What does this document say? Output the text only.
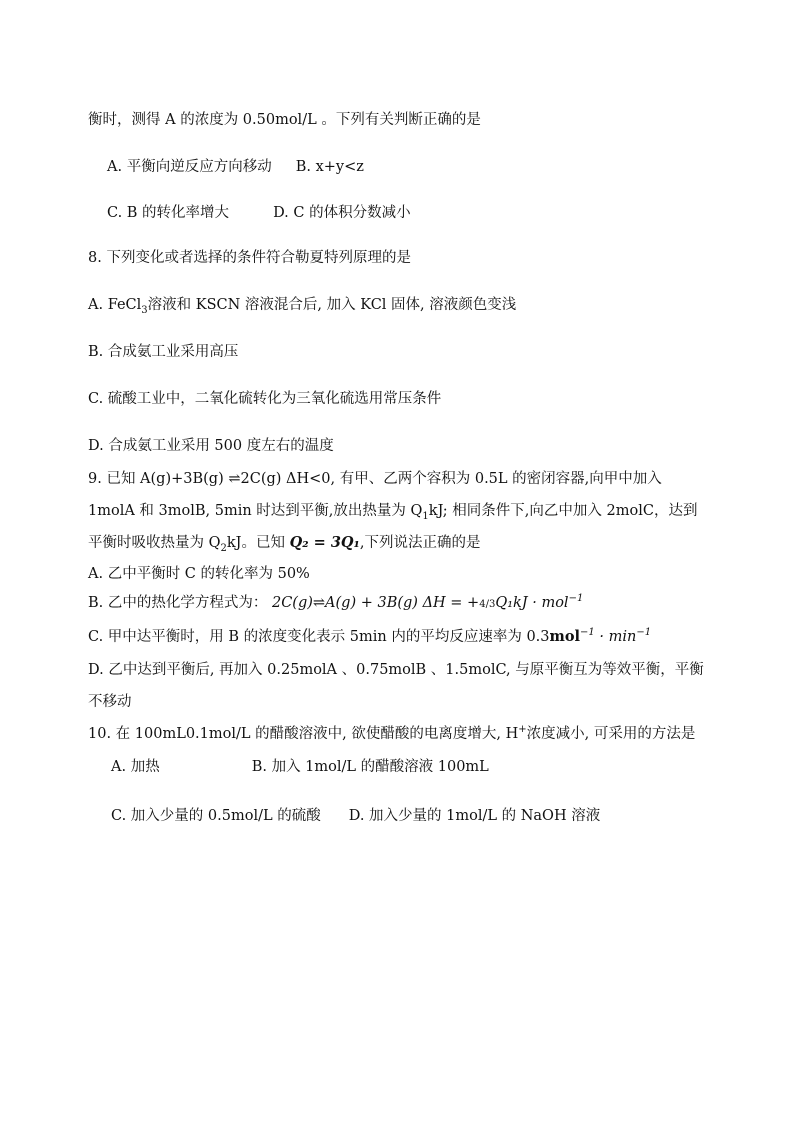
衡时，测得 A 的浓度为 0.50mol/L 。下列有关判断正确的是
A. 平衡向逆反应方向移动 B. x+y<z
C. B 的转化率增大	D. C 的体积分数减小
8. 下列变化或者选择的条件符合勒夏特列原理的是
A. FeCl$_3$溶液和 KSCN 溶液混合后, 加入 KCl 固体, 溶液颜色变浅
B. 合成氨工业采用高压
C. 硫酸工业中，二氧化硫转化为三氧化硫选用常压条件
D. 合成氨工业采用 500 度左右的温度
9. 已知 A(g)+3B(g) ⇌2C(g) ΔH<0, 有甲、乙两个容积为 0.5L 的密闭容器,向甲中加入
1molA 和 3molB, 5min 时达到平衡,放出热量为 $Q_1kJ$; 相同条件下,向乙中加入 2molC，达到
平衡时吸收热量为 $Q_2kJ$。已知 Q₂ = 3Q₁,下列说法正确的是
A. 乙中平衡时 C 的转化率为 50%
B. 乙中的热化学方程式为： 2C(g)⇌A(g) + 3B(g) ΔH = +4/3Q₁kJ · mol$^{-1}$
C. 甲中达平衡时，用 B 的浓度变化表示 5min 内的平均反应速率为 $0.3mol^{-1} \cdot \min^{-1}$
D. 乙中达到平衡后, 再加入 0.25molA 、0.75molB 、1.5molC, 与原平衡互为等效平衡，平衡
不移动
10. 在 100mL0.1mol/L 的醋酸溶液中, 欲使醋酸的电离度增大, H+浓度减小, 可采用的方法是
A. 加热	B. 加入 1mol/L 的醋酸溶液 100mL
C. 加入少量的 0.5mol/L 的硫酸 D. 加入少量的 1mol/L 的 NaOH 溶液
